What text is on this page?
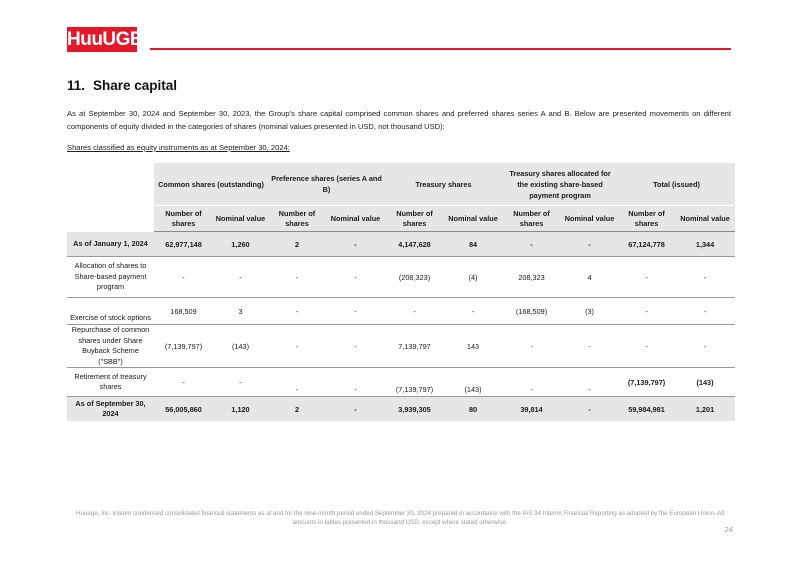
HuuUGE
11. Share capital
As at September 30, 2024 and September 30, 2023, the Group's share capital comprised common shares and preferred shares series A and B. Below are presented movements on different components of equity divided in the categories of shares (nominal values presented in USD, not thousand USD):
Shares classified as equity instruments as at September 30, 2024:
	Common shares (outstanding)		Preference shares (series A and B)		Treasury shares		Treasury shares allocated for the existing share-based payment program		Total (issued)	
	Number of shares	Nominal value	Number of shares	Nominal value	Number of shares	Nominal value	Number of shares	Nominal value	Number of shares	Nominal value
As of January 1, 2024	62,977,148	1,260	2	-	4,147,628	84	-	-	67,124,778	1,344
Allocation of shares to Share-based payment program	-	-	-	-	(208,323)	(4)	208,323	4	-	-
Exercise of stock options	168,509	3	-	-	-	-	(168,509)	(3)	-	-
Repurchase of common shares under Share Buyback Scheme ("SBB")	(7,139,797)	(143)	-	-	7,139,797	143	-	-	-	-
Retirement of treasury shares	-	-	-	-	(7,139,797)	(143)	-	-	(7,139,797)	(143)
As of September 30, 2024	56,005,860	1,120	2	-	3,939,305	80	39,814	-	59,984,981	1,201
Huuuge, Inc. interim condensed consolidated financial statements as at and for the nine-month period ended September 30, 2024 prepared in accordance with the IAS 34 Interim Financial Reporting as adopted by the European Union. All amounts in tables presented in thousand USD, except where stated otherwise.
24
